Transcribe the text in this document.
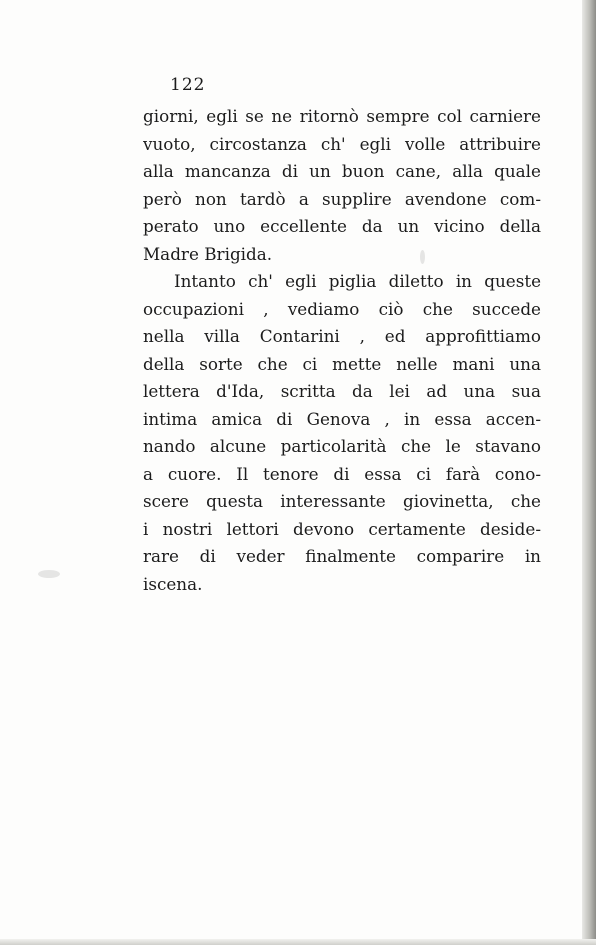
122
giorni, egli se ne ritornò sempre col carniere
vuoto, circostanza ch' egli volle attribuire
alla mancanza di un buon cane, alla quale
però non tardò a supplire avendone com-
perato uno eccellente da un vicino della
Madre Brigida.
Intanto ch' egli piglia diletto in queste
occupazioni , vediamo ciò che succede
nella villa Contarini , ed approfittiamo
della sorte che ci mette nelle mani una
lettera d'Ida, scritta da lei ad una sua
intima amica di Genova , in essa accen-
nando alcune particolarità che le stavano
a cuore. Il tenore di essa ci farà cono-
scere questa interessante giovinetta, che
i nostri lettori devono certamente deside-
rare di veder finalmente comparire in
iscena.
